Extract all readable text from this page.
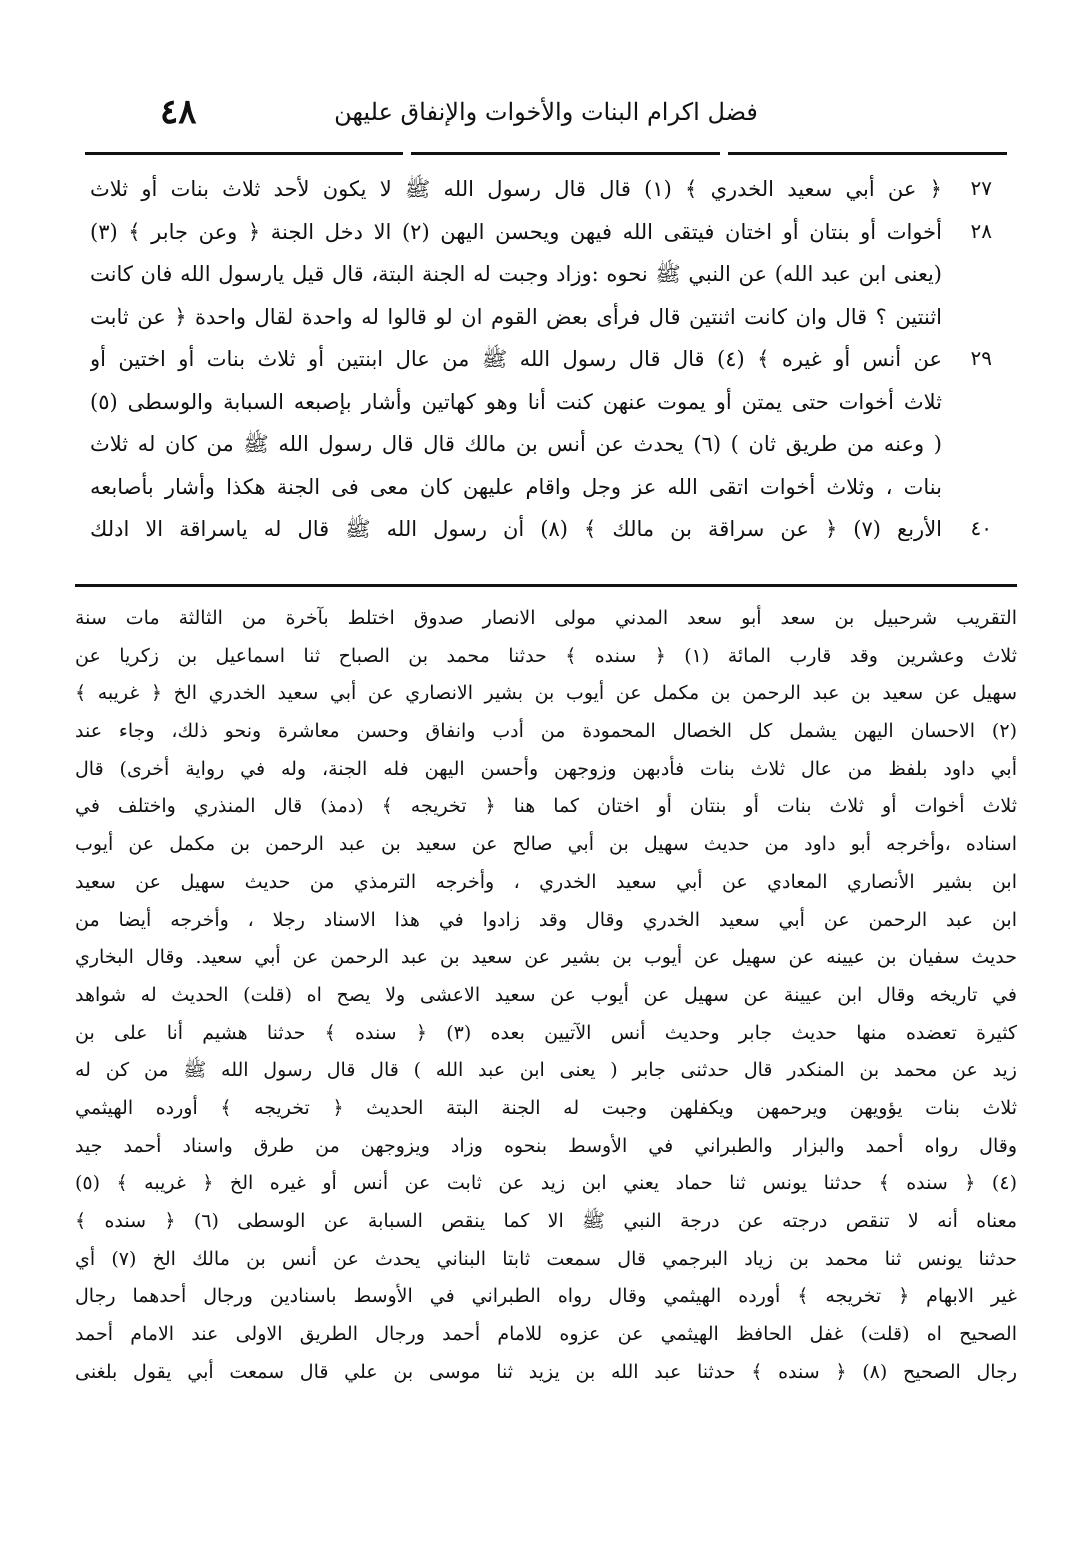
٤٨	فضل اكرام البنات والأخوات والإنفاق عليهن
٢٧
٢٨
٢٩
٤٠
﴿ عن أبي سعيد الخدري ﴾ (١) قال قال رسول الله ﷺ لا يكون لأحد ثلاث بنات أو ثلاث
أخوات أو بنتان أو اختان فيتقى الله فيهن ويحسن اليهن (٢) الا دخل الجنة ﴿ وعن جابر ﴾ (٣)
(يعنى ابن عبد الله) عن النبي ﷺ نحوه :وزاد وجبت له الجنة البتة، قال قيل يارسول الله فان كانت
اثنتين ؟ قال وان كانت اثنتين قال فرأى بعض القوم ان لو قالوا له واحدة لقال واحدة ﴿ عن ثابت
عن أنس أو غيره ﴾ (٤) قال قال رسول الله ﷺ من عال ابنتين أو ثلاث بنات أو اختين أو
ثلاث أخوات حتى يمتن أو يموت عنهن كنت أنا وهو كهاتين وأشار بإصبعه السبابة والوسطى (٥)
( وعنه من طريق ثان ) (٦) يحدث عن أنس بن مالك قال قال رسول الله ﷺ من كان له ثلاث
بنات ، وثلاث أخوات اتقى الله عز وجل واقام عليهن كان معى فى الجنة هكذا وأشار بأصابعه
الأربع (٧) ﴿ عن سراقة بن مالك ﴾ (٨) أن رسول الله ﷺ قال له ياسراقة الا ادلك
التقريب شرحبيل بن سعد أبو سعد المدني مولى الانصار صدوق اختلط بآخرة من الثالثة مات سنة
ثلاث وعشرين وقد قارب المائة (١) ﴿ سنده ﴾ حدثنا محمد بن الصباح ثنا اسماعيل بن زكريا عن
سهيل عن سعيد بن عبد الرحمن بن مكمل عن أيوب بن بشير الانصاري عن أبي سعيد الخدري الخ ﴿ غريبه ﴾
(٢) الاحسان اليهن يشمل كل الخصال المحمودة من أدب وانفاق وحسن معاشرة ونحو ذلك، وجاء عند
أبي داود بلفظ من عال ثلاث بنات فأدبهن وزوجهن وأحسن اليهن فله الجنة، وله في رواية أخرى) قال
ثلاث أخوات أو ثلاث بنات أو بنتان أو اختان كما هنا ﴿ تخريجه ﴾ (دمذ) قال المنذري واختلف في
اسناده ،وأخرجه أبو داود من حديث سهيل بن أبي صالح عن سعيد بن عبد الرحمن بن مكمل عن أيوب
ابن بشير الأنصاري المعادي عن أبي سعيد الخدري ، وأخرجه الترمذي من حديث سهيل عن سعيد
ابن عبد الرحمن عن أبي سعيد الخدري وقال وقد زادوا في هذا الاسناد رجلا ، وأخرجه أيضا من
حديث سفيان بن عيينه عن سهيل عن أيوب بن بشير عن سعيد بن عبد الرحمن عن أبي سعيد. وقال البخاري
في تاريخه وقال ابن عيينة عن سهيل عن أيوب عن سعيد الاعشى ولا يصح اه (قلت) الحديث له شواهد
كثيرة تعضده منها حديث جابر وحديث أنس الآتيين بعده (٣) ﴿ سنده ﴾ حدثنا هشيم أنا على بن
زيد عن محمد بن المنكدر قال حدثنى جابر ( يعنى ابن عبد الله ) قال قال رسول الله ﷺ من كن له
ثلاث بنات يؤويهن ويرحمهن ويكفلهن وجبت له الجنة البتة الحديث ﴿ تخريجه ﴾ أورده الهيثمي
وقال رواه أحمد والبزار والطبراني في الأوسط بنحوه وزاد ويزوجهن من طرق واسناد أحمد جيد
(٤) ﴿ سنده ﴾ حدثنا يونس ثنا حماد يعني ابن زيد عن ثابت عن أنس أو غيره الخ ﴿ غريبه ﴾ (٥)
معناه أنه لا تنقص درجته عن درجة النبي ﷺ الا كما ينقص السبابة عن الوسطى (٦) ﴿ سنده ﴾
حدثنا يونس ثنا محمد بن زياد البرجمي قال سمعت ثابتا البناني يحدث عن أنس بن مالك الخ (٧) أي
غير الابهام ﴿ تخريجه ﴾ أورده الهيثمي وقال رواه الطبراني في الأوسط باسنادين ورجال أحدهما رجال
الصحيح اه (قلت) غفل الحافظ الهيثمي عن عزوه للامام أحمد ورجال الطريق الاولى عند الامام أحمد
رجال الصحيح (٨) ﴿ سنده ﴾ حدثنا عبد الله بن يزيد ثنا موسى بن علي قال سمعت أبي يقول بلغنى
